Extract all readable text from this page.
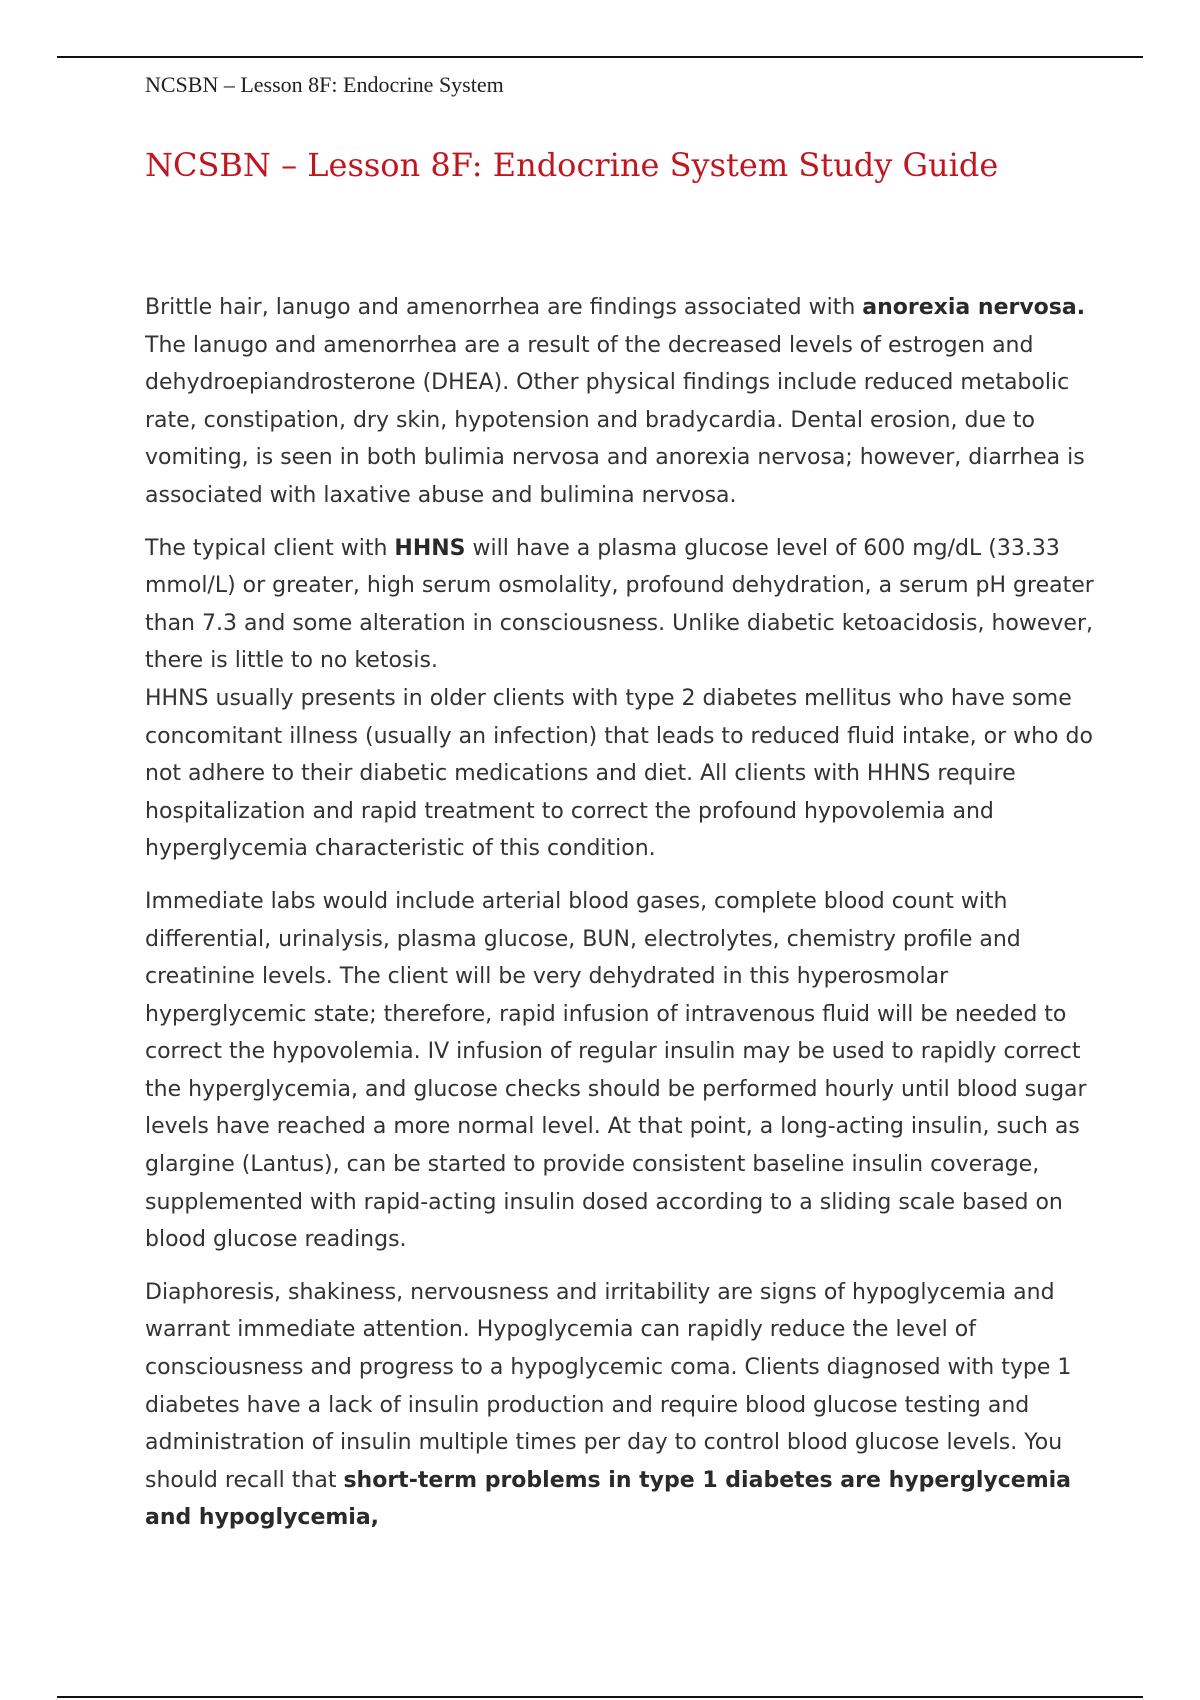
NCSBN – Lesson 8F: Endocrine System

NCSBN – Lesson 8F: Endocrine System Study Guide

Brittle hair, lanugo and amenorrhea are findings associated with anorexia nervosa. The lanugo and amenorrhea are a result of the decreased levels of estrogen and dehydroepiandrosterone (DHEA). Other physical findings include reduced metabolic rate, constipation, dry skin, hypotension and bradycardia. Dental erosion, due to vomiting, is seen in both bulimia nervosa and anorexia nervosa; however, diarrhea is associated with laxative abuse and bulimina nervosa.

The typical client with HHNS will have a plasma glucose level of 600 mg/dL (33.33 mmol/L) or greater, high serum osmolality, profound dehydration, a serum pH greater than 7.3 and some alteration in consciousness. Unlike diabetic ketoacidosis, however, there is little to no ketosis.

HHNS usually presents in older clients with type 2 diabetes mellitus who have some concomitant illness (usually an infection) that leads to reduced fluid intake, or who do not adhere to their diabetic medications and diet. All clients with HHNS require hospitalization and rapid treatment to correct the profound hypovolemia and hyperglycemia characteristic of this condition.

Immediate labs would include arterial blood gases, complete blood count with differential, urinalysis, plasma glucose, BUN, electrolytes, chemistry profile and creatinine levels. The client will be very dehydrated in this hyperosmolar hyperglycemic state; therefore, rapid infusion of intravenous fluid will be needed to correct the hypovolemia. IV infusion of regular insulin may be used to rapidly correct the hyperglycemia, and glucose checks should be performed hourly until blood sugar levels have reached a more normal level. At that point, a long-acting insulin, such as glargine (Lantus), can be started to provide consistent baseline insulin coverage, supplemented with rapid-acting insulin dosed according to a sliding scale based on blood glucose readings.

Diaphoresis, shakiness, nervousness and irritability are signs of hypoglycemia and warrant immediate attention. Hypoglycemia can rapidly reduce the level of consciousness and progress to a hypoglycemic coma. Clients diagnosed with type 1 diabetes have a lack of insulin production and require blood glucose testing and administration of insulin multiple times per day to control blood glucose levels. You should recall that short-term problems in type 1 diabetes are hyperglycemia and hypoglycemia,
